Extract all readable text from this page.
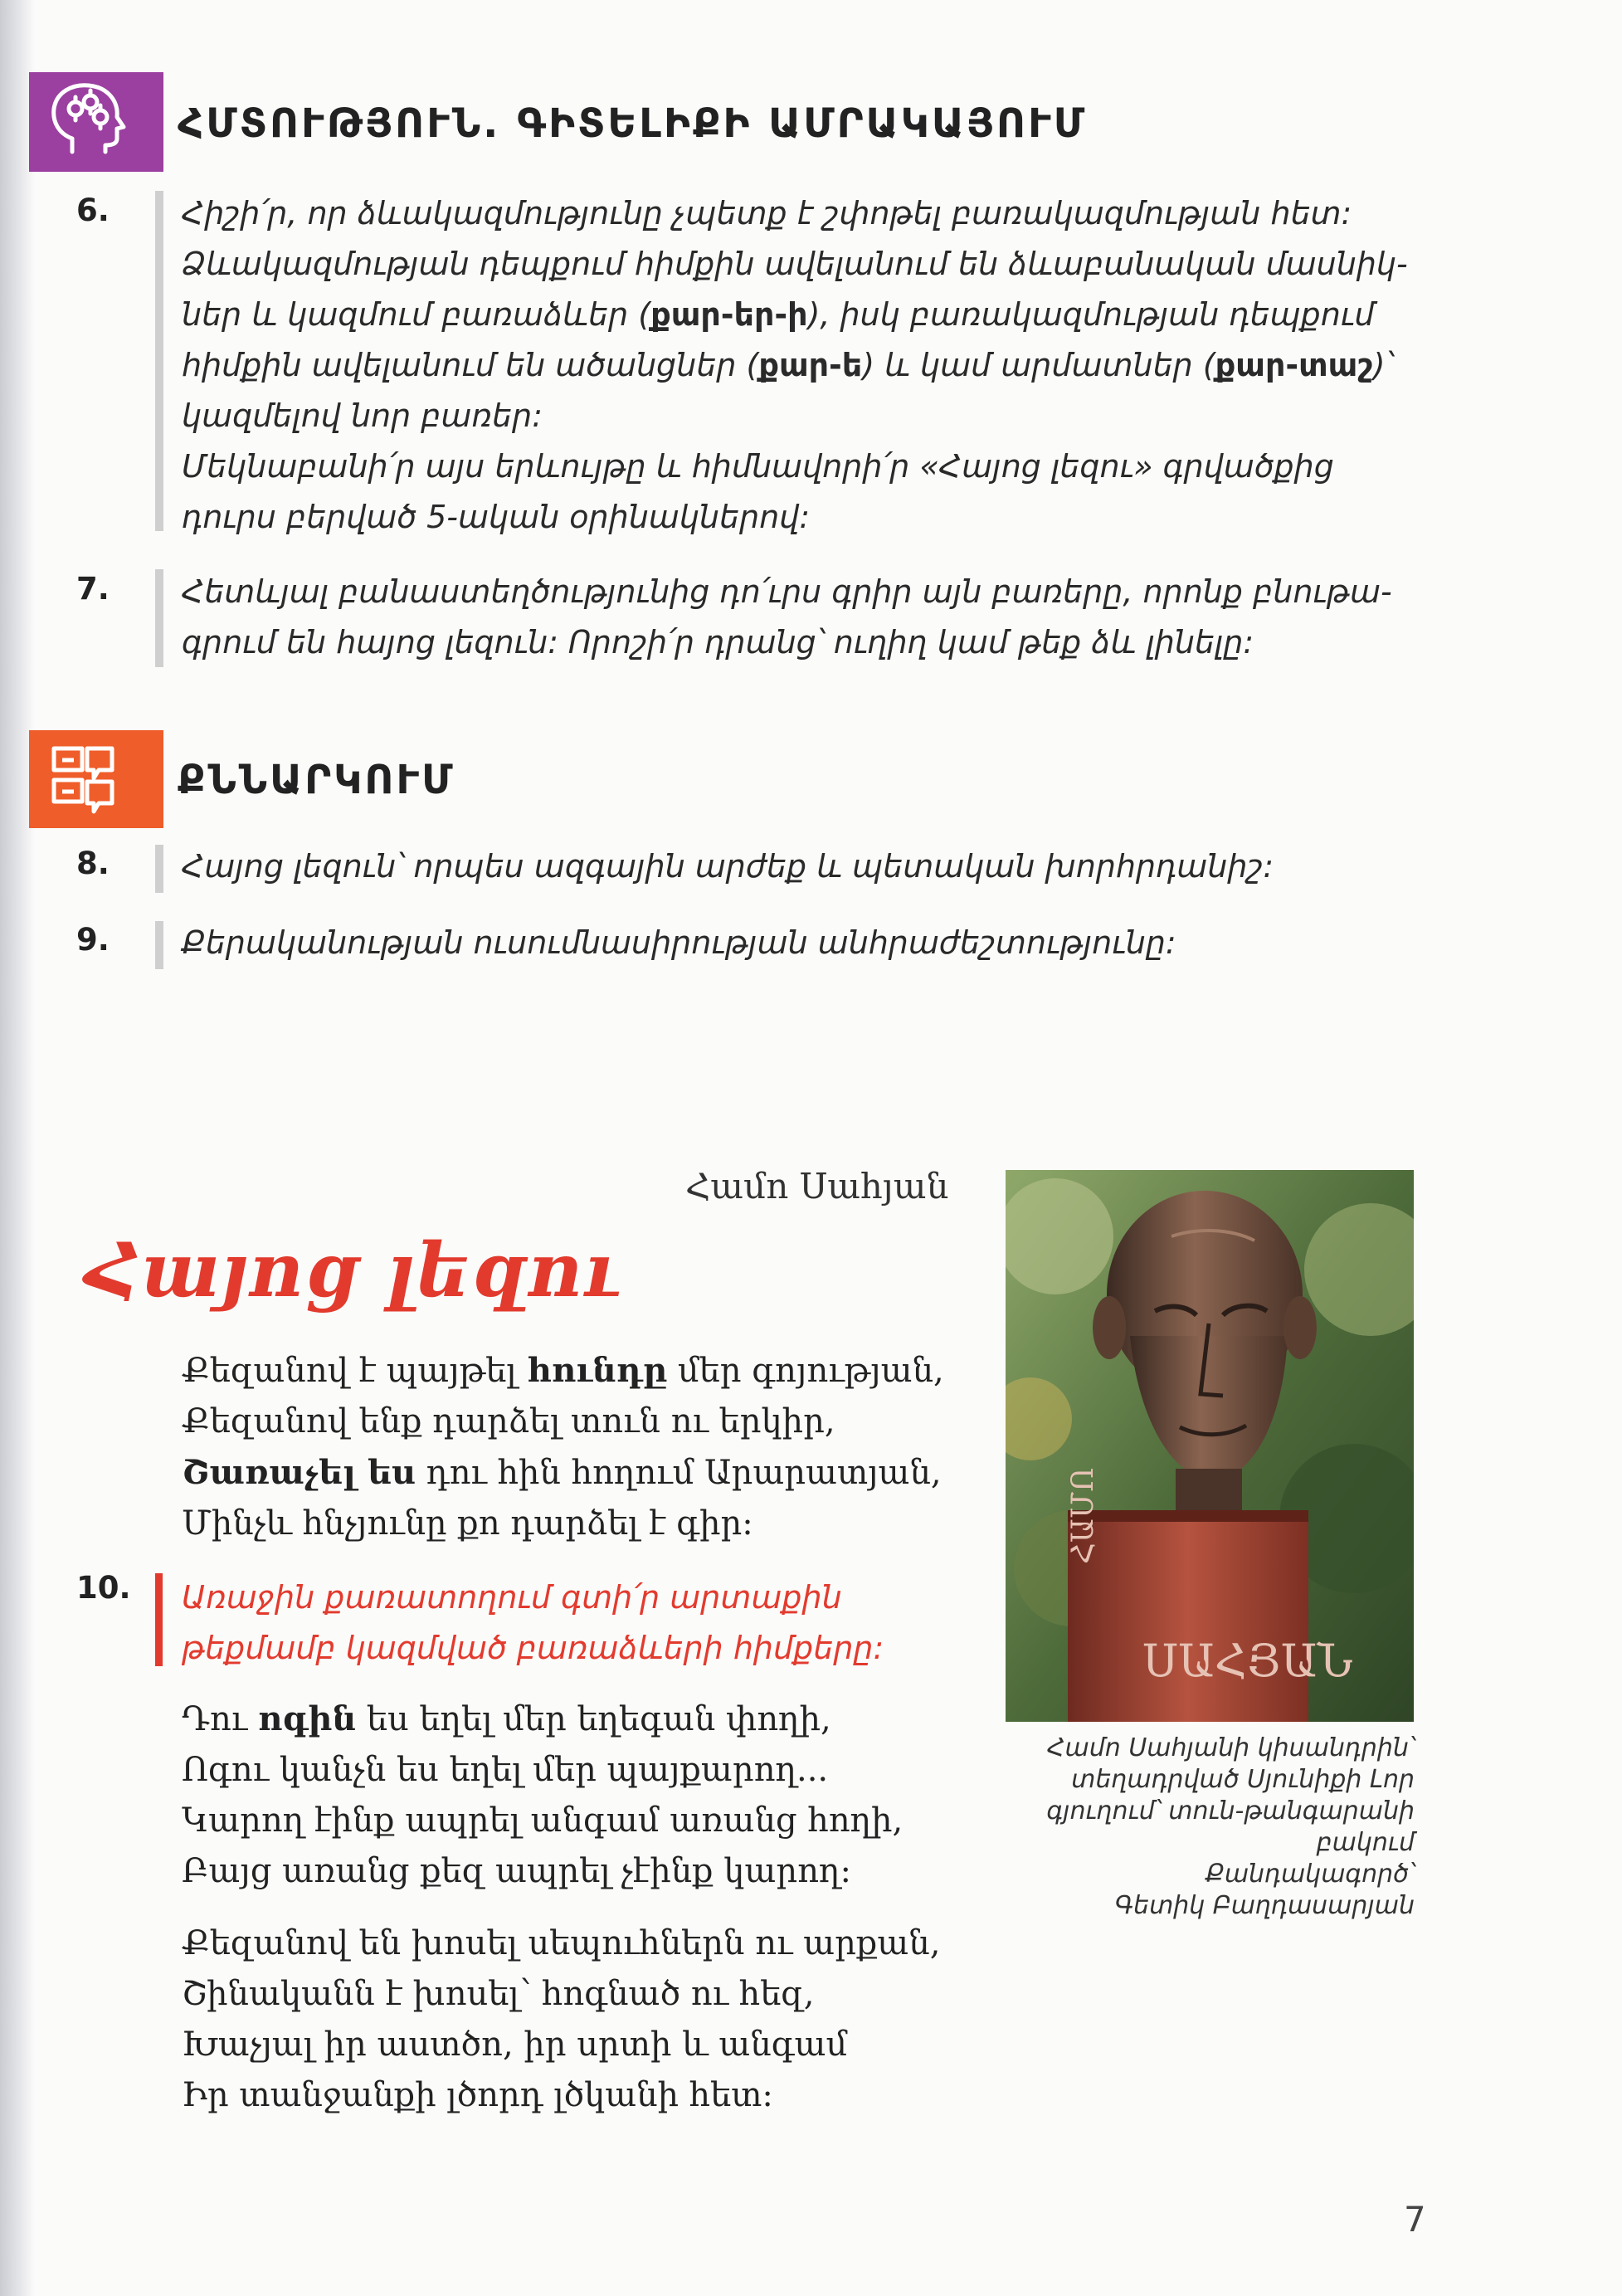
ՀՄՏՈՒԹՅՈՒՆ. ԳԻՏԵԼԻՔԻ ԱՄՐԱԿԱՅՈՒՄ
6. Հիշի՛ր, որ ձևակազմությունը չպետք է շփոթել բառակազմության հետ:
Ձևակազմության դեպքում հիմքին ավելանում են ձևաբանական մասնիկ-
ներ և կազմում բառաձևեր (քար-եր-ի), իսկ բառակազմության դեպքում
հիմքին ավելանում են ածանցներ (քար-ե) և կամ արմատներ (քար-տաշ)՝
կազմելով նոր բառեր:
Մեկնաբանի՛ր այս երևույթը և հիմնավորի՛ր «Հայոց լեզու» գրվածքից
դուրս բերված 5-ական օրինակներով:
7. Հետևյալ բանաստեղծությունից դո՛ւրս գրիր այն բառերը, որոնք բնութա-
գրում են հայոց լեզուն: Որոշի՛ր դրանց՝ ուղիղ կամ թեք ձև լինելը:
ՔՆՆԱՐԿՈՒՄ
8. Հայոց լեզուն՝ որպես ազգային արժեք և պետական խորհրդանիշ:
9. Քերականության ուսումնասիրության անհրաժեշտությունը:
Համո Սահյան
Հայոց լեզու
Քեզանով է պայթել հունդը մեր գոյության,
Քեզանով ենք դարձել տուն ու երկիր,
Շառաչել ես դու հին հողում Արարատյան,
Մինչև հնչյունը քո դարձել է գիր:
10. Առաջին քառատողում գտի՛ր արտաքին
թեքմամբ կազմված բառաձևերի հիմքերը:
Դու ոգին ես եղել մեր եղեգան փողի,
Ոգու կանչն ես եղել մեր պայքարող...
Կարող էինք ապրել անգամ առանց հողի,
Բայց առանց քեզ ապրել չէինք կարող:
Քեզանով են խոսել սեպուհներն ու արքան,
Շինականն է խոսել՝ հոգնած ու հեզ,
Խաչյալ իր աստծո, իր սրտի և անգամ
Իր տանջանքի լծորդ լծկանի հետ:
ՀԱՄՈ
ՍԱՀՅԱՆ
Համո Սահյանի կիսանդրին՝
տեղադրված Սյունիքի Լոր
գյուղում՝ տուն-թանգարանի
բակում
Քանդակագործ՝
Գետիկ Բաղդասարյան
7
